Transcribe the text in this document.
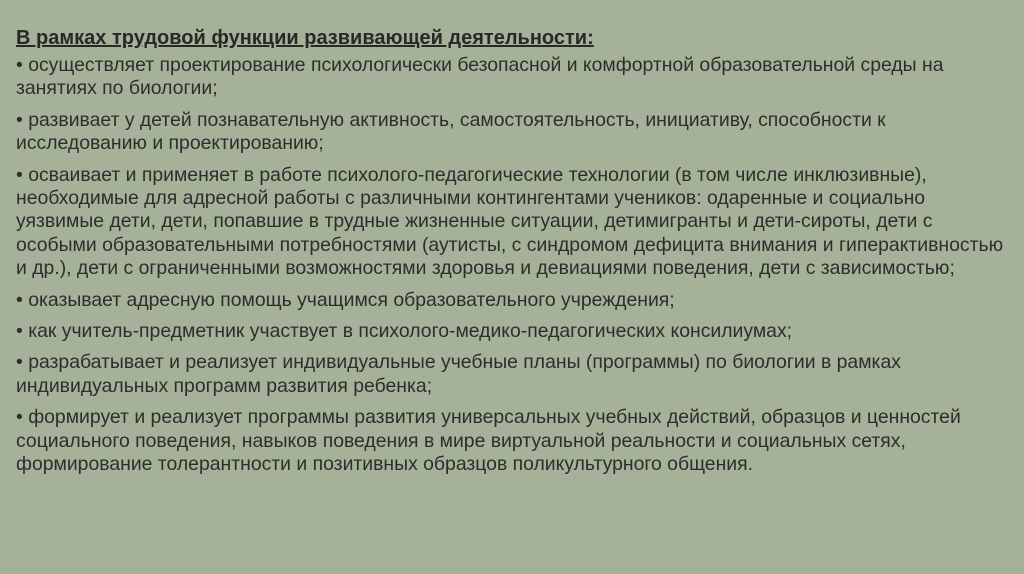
В рамках трудовой функции развивающей деятельности:
• осуществляет проектирование психологически безопасной и комфортной образовательной среды на занятиях по биологии;
• развивает у детей познавательную активность, самостоятельность, инициативу, способности к исследованию и проектированию;
• осваивает и применяет в работе психолого-педагогические технологии (в том числе инклюзивные), необходимые для адресной работы с различными контингентами учеников: одаренные и социально уязвимые дети, дети, попавшие в трудные жизненные ситуации, детимигранты и дети-сироты, дети с особыми образовательными потребностями (аутисты, с синдромом дефицита внимания и гиперактивностью и др.), дети с ограниченными возможностями здоровья и девиациями поведения, дети с зависимостью;
• оказывает адресную помощь учащимся образовательного учреждения;
• как учитель-предметник участвует в психолого-медико-педагогических консилиумах;
• разрабатывает и реализует индивидуальные учебные планы (программы) по биологии в рамках индивидуальных программ развития ребенка;
• формирует и реализует программы развития универсальных учебных действий, образцов и ценностей социального поведения, навыков поведения в мире виртуальной реальности и социальных сетях, формирование толерантности и позитивных образцов поликультурного общения.
